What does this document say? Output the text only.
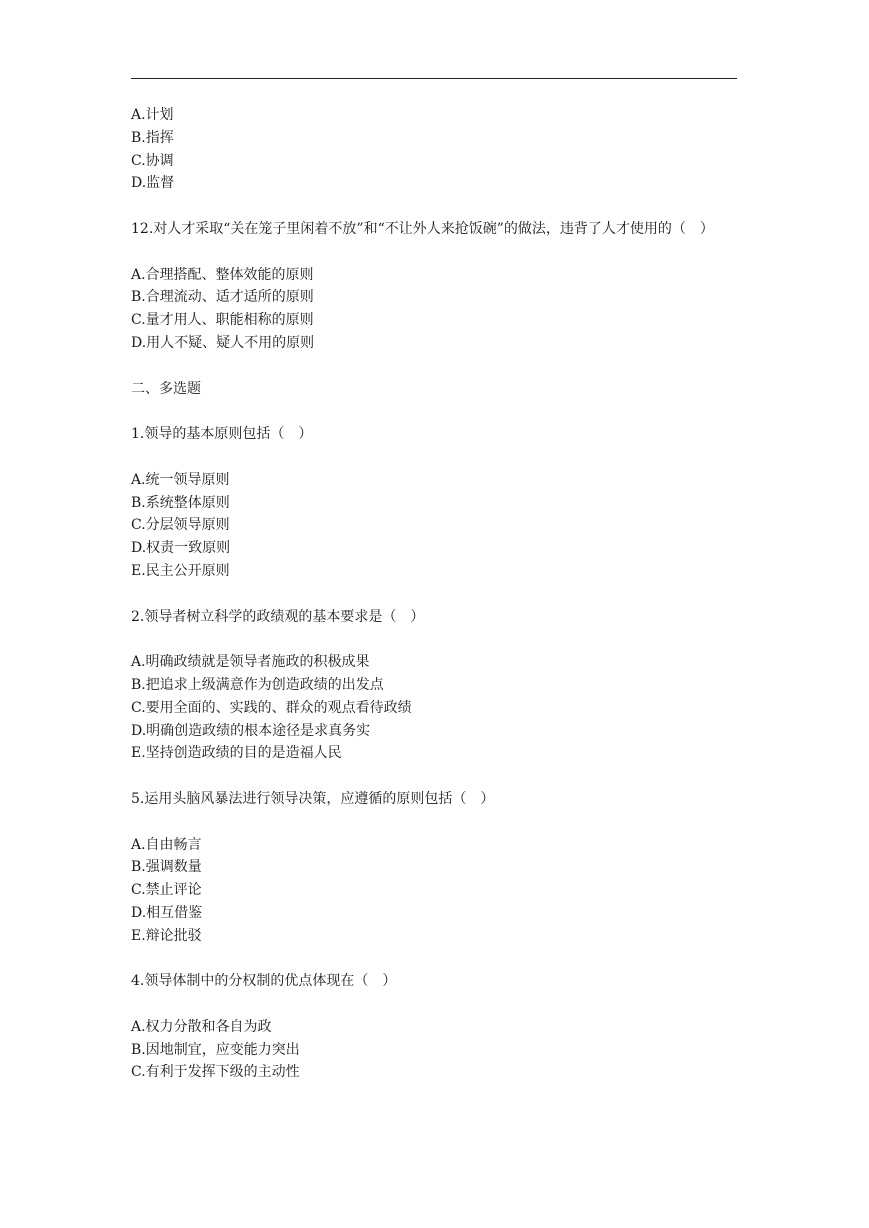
A.计划
B.指挥
C.协调
D.监督
12.对人才采取“关在笼子里闲着不放”和“不让外人来抢饭碗”的做法，违背了人才使用的（　）
A.合理搭配、整体效能的原则
B.合理流动、适才适所的原则
C.量才用人、职能相称的原则
D.用人不疑、疑人不用的原则
二、多选题
1.领导的基本原则包括（　）
A.统一领导原则
B.系统整体原则
C.分层领导原则
D.权责一致原则
E.民主公开原则
2.领导者树立科学的政绩观的基本要求是（　）
A.明确政绩就是领导者施政的积极成果
B.把追求上级满意作为创造政绩的出发点
C.要用全面的、实践的、群众的观点看待政绩
D.明确创造政绩的根本途径是求真务实
E.坚持创造政绩的目的是造福人民
5.运用头脑风暴法进行领导决策，应遵循的原则包括（　）
A.自由畅言
B.强调数量
C.禁止评论
D.相互借鉴
E.辩论批驳
4.领导体制中的分权制的优点体现在（　）
A.权力分散和各自为政
B.因地制宜，应变能力突出
C.有利于发挥下级的主动性
